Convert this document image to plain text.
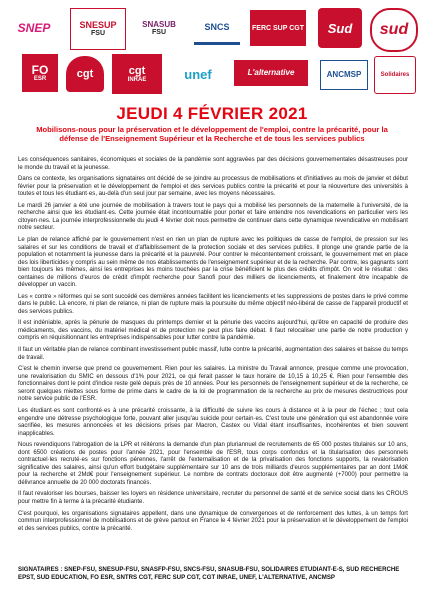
SNEP	SNESUP
FSU
SNASUB
FSU
SNCS	FERC SUP CGT Sud sud
FO
ESR	cgt	cgt
INRAE	unef	L'alternative	ANCMSP	Solidaires
JEUDI 4 FÉVRIER 2021
Mobilisons-nous pour la préservation et le développement de l'emploi, contre la précarité, pour la défense de l'Enseignement Supérieur et la Recherche et de tous les services publics

Les conséquences sanitaires, économiques et sociales de la pandémie sont aggravées par des décisions gouvernementales désastreuses pour le monde du travail et la jeunesse.

Dans ce contexte, les organisations signataires ont décidé de se joindre au processus de mobilisations et d'initiatives au mois de janvier et début février pour la préservation et le développement de l'emploi et des services publics contre la précarité et pour la réouverture des universités à toutes et tous les étudiant·es, au-delà d'un seul jour par semaine, avec les moyens nécessaires.

Le mardi 26 janvier a été une journée de mobilisation à travers tout le pays qui a mobilisé les personnels de la maternelle à l'université, de la recherche ainsi que les étudiant·es. Cette journée était incontournable pour porter et faire entendre nos revendications en particulier vers les citoyen·nes. La journée interprofessionnelle du jeudi 4 février doit nous permettre de continuer dans cette dynamique revendicative en mobilisant notre secteur.

Le plan de relance affiché par le gouvernement n'est en rien un plan de rupture avec les politiques de casse de l'emploi, de pression sur les salaires et sur les conditions de travail et d'affaiblissement de la protection sociale et des services publics. Il plonge une grande partie de la population et notamment la jeunesse dans la précarité et la pauvreté. Pour contrer le mécontentement croissant, le gouvernement met en place des lois liberticides y compris au sein même de nos établissements de l'enseignement supérieur et de la recherche. Par contre, les gagnants sont bien toujours les mêmes, ainsi les entreprises les moins touchées par la crise bénéficient le plus des crédits d'impôt. On voit le résultat : des centaines de millions d'euros de crédit d'impôt recherche pour Sanofi pour des milliers de licenciements, et finalement être incapable de développer un vaccin.

Les « contre » réformes qui se sont succédé ces dernières années facilitent les licenciements et les suppressions de postes dans le privé comme dans le public. Là encore, ni plan de relance, ni plan de rupture mais la poursuite du même objectif néo-libéral de casse de l'appareil productif et des services publics.

Il est indéniable, après la pénurie de masques du printemps dernier et la pénurie des vaccins aujourd'hui, qu'être en capacité de produire des médicaments, des vaccins, du matériel médical et de protection ne peut plus faire débat. Il faut relocaliser une partie de notre production y compris en réquisitionnant les entreprises indispensables pour lutter contre la pandémie.

Il faut un véritable plan de relance combinant investissement public massif, lutte contre la précarité, augmentation des salaires et baisse du temps de travail.

C'est le chemin inverse que prend ce gouvernement. Rien pour les salaires. La ministre du Travail annonce, presque comme une provocation, une revalorisation du SMIC en dessous d'1% pour 2021, ce qui ferait passer le taux horaire de 10,15 à 10,25 €. Rien pour l'ensemble des fonctionnaires dont le point d'indice reste gelé depuis près de 10 années. Pour les personnels de l'enseignement supérieur et de la recherche, ce seront quelques miettes sous forme de prime dans le cadre de la loi de programmation de la recherche au prix de mesures destructrices pour notre service public de l'ESR.

Les étudiant·es sont confronté·es à une précarité croissante, à la difficulté de suivre les cours à distance et à la peur de l'échec ; tout cela engendre une détresse psychologique forte, pouvant aller jusqu'au suicide pour certain·es. C'est toute une génération qui est abandonnée voire sacrifiée, les mesures annoncées et les décisions prises par Macron, Castex ou Vidal étant insuffisantes, incohérentes et bien souvent inapplicables.

Nous revendiquons l'abrogation de la LPR et réitérons la demande d'un plan pluriannuel de recrutements de 65 000 postes titulaires sur 10 ans, dont 6500 créations de postes pour l'année 2021, pour l'ensemble de l'ESR, tous corps confondus et la titularisation des personnels contractuel·les recruté·es sur fonctions pérennes, l'arrêt de l'externalisation et de la privatisation des fonctions supports, la revalorisation significative des salaires, ainsi qu'un effort budgétaire supplémentaire sur 10 ans de trois milliards d'euros supplémentaires par an dont 1Md€ pour la recherche et 2Md€ pour l'enseignement supérieur. Le nombre de contrats doctoraux doit être augmenté (+7000) pour permettre la délivrance annuelle de 20 000 doctorats financés.

Il faut revaloriser les bourses, baisser les loyers en résidence universitaire, recruter du personnel de santé et de service social dans les CROUS pour mettre fin à terme à la précarité étudiante.

C'est pourquoi, les organisations signataires appellent, dans une dynamique de convergences et de renforcement des luttes, à un temps fort commun interprofessionnel de mobilisations et de grève partout en France le 4 février 2021 pour la préservation et le développement de l'emploi et des services publics, contre la précarité.

SIGNATAIRES : SNEP-FSU, SNESUP-FSU, SNASFP-FSU, SNCS-FSU, SNASUB-FSU, SOLIDAIRES ETUDIANT-E-S, SUD RECHERCHE EPST, SUD EDUCATION, FO ESR, SNTRS CGT, FERC SUP CGT, CGT INRAE, UNEF, L'ALTERNATIVE, ANCMSP
